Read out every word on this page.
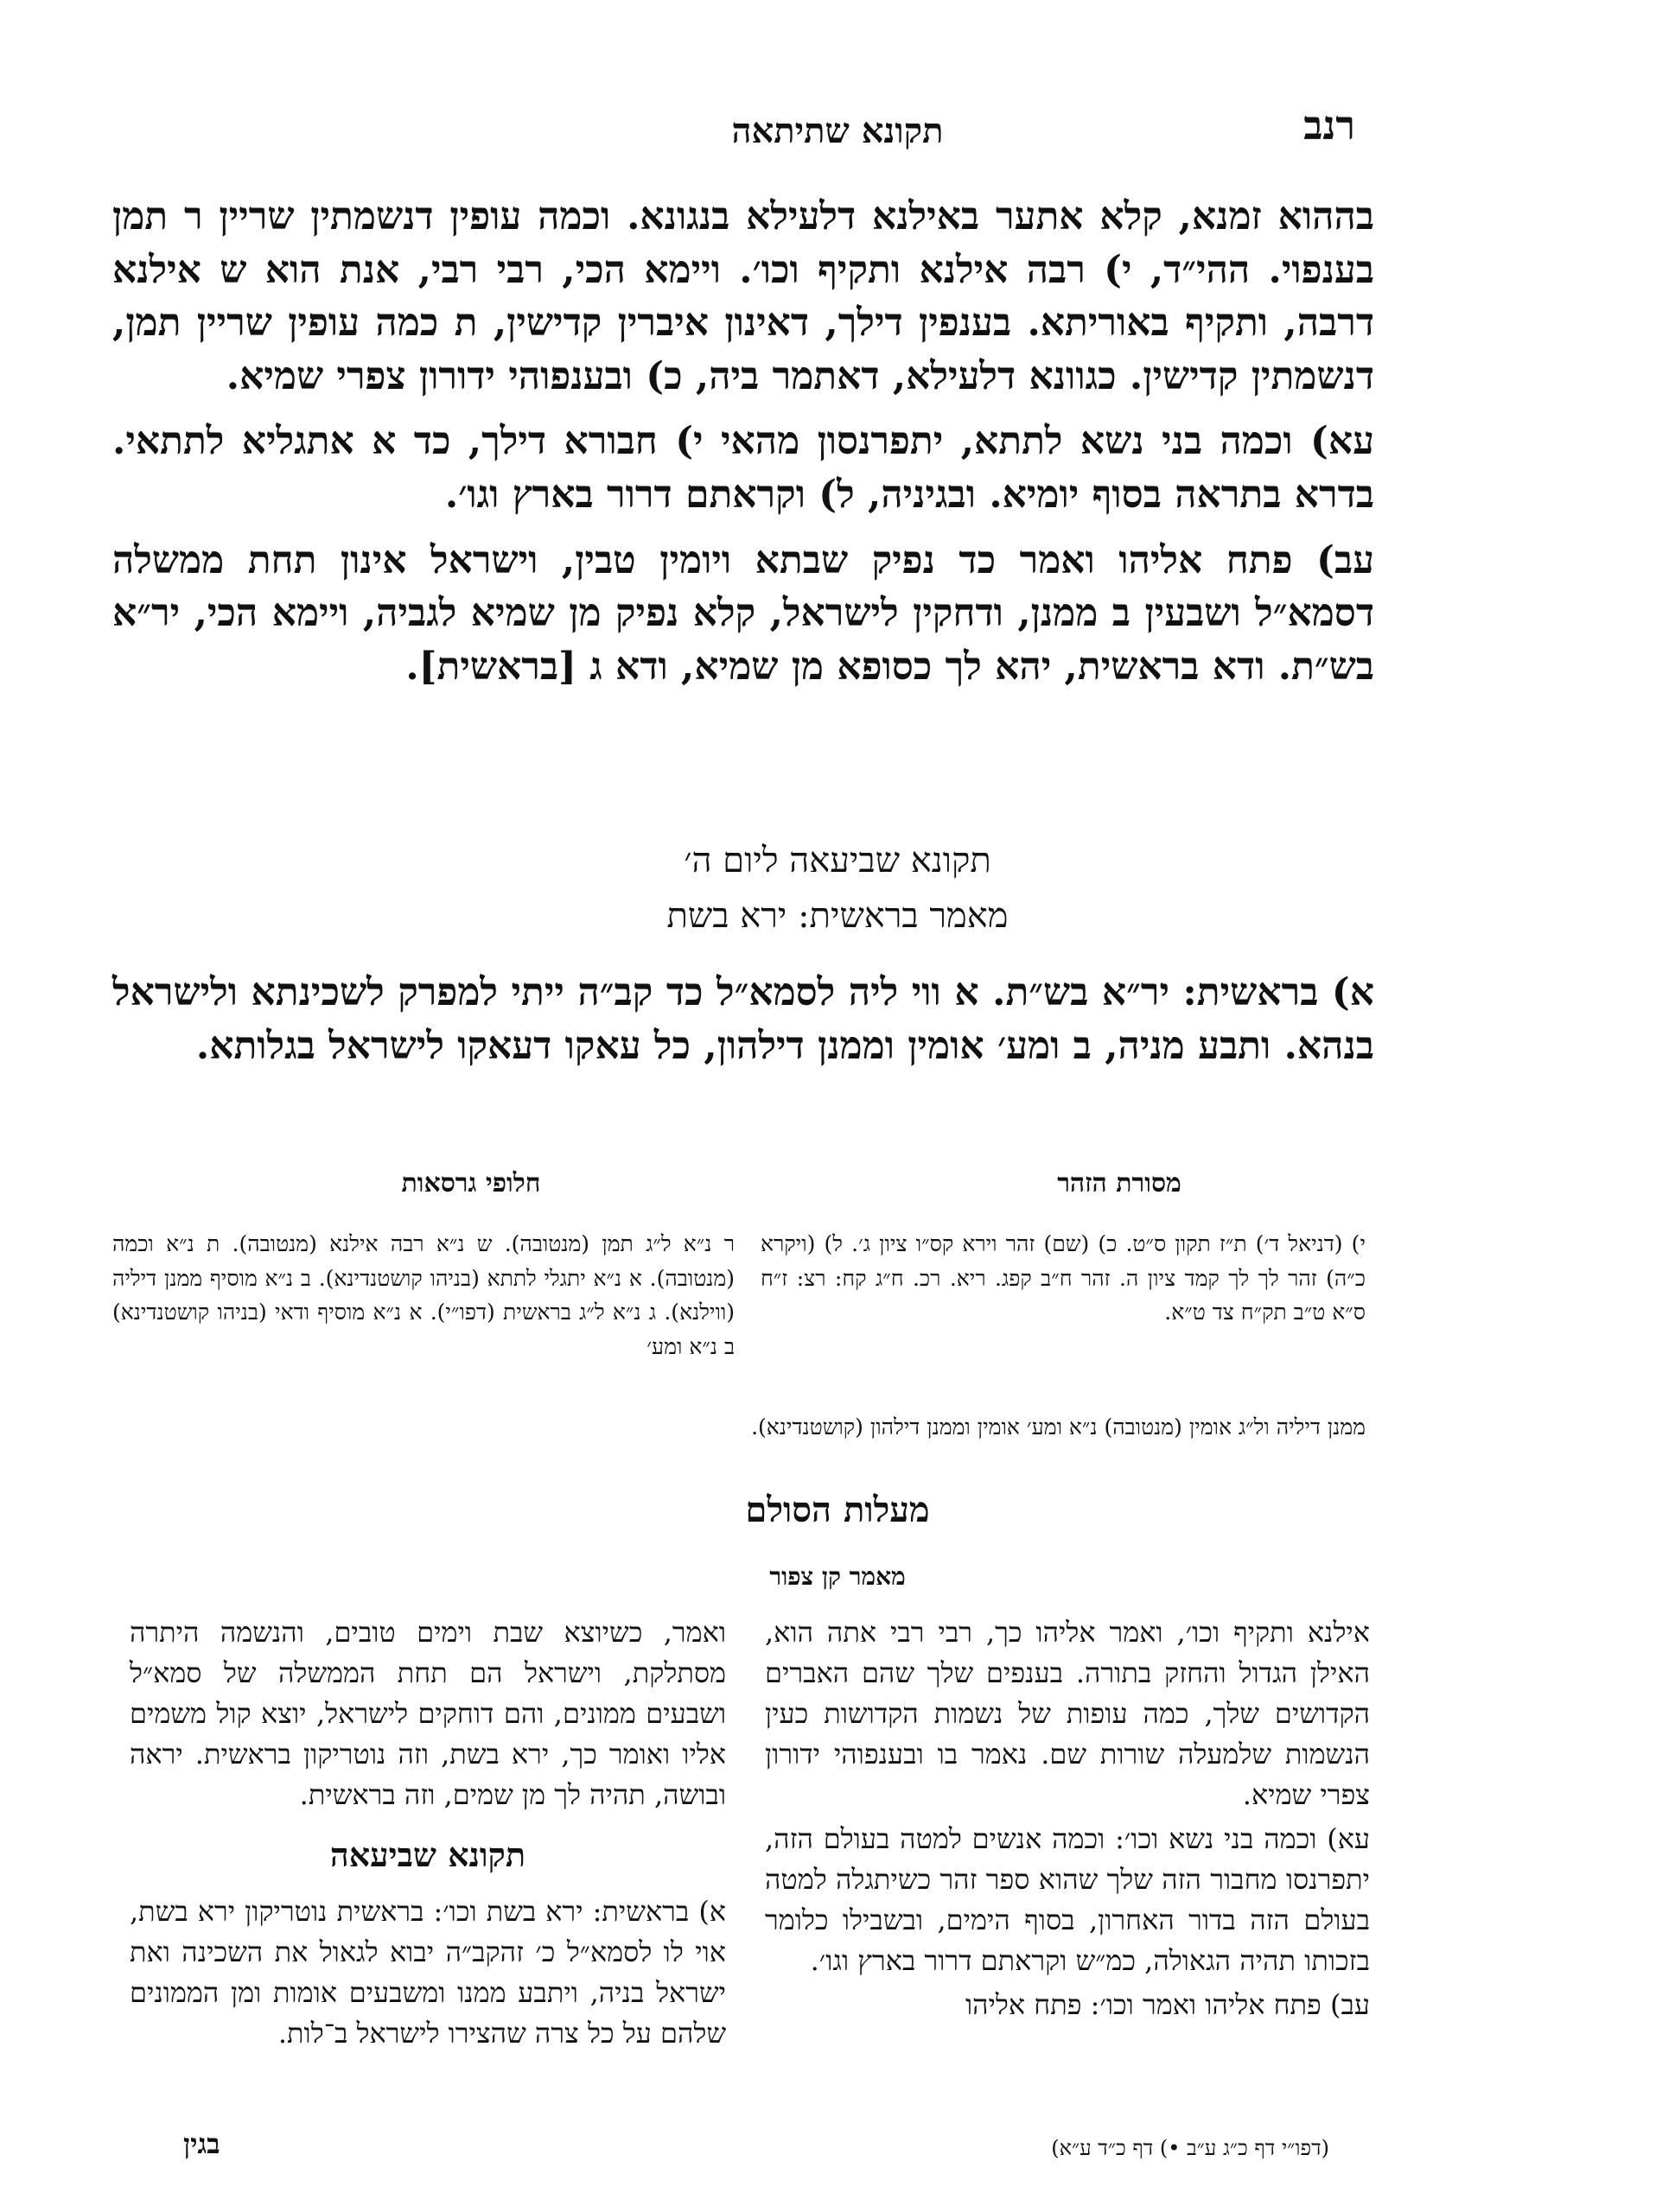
רנב
תקונא שתיתאה

בההוא זמנא, קלא אתער באילנא דלעילא בנגונא. וכמה עופין דנשמתין שריין ר תמן בענפוי. ההי״ד, י) רבה אילנא ותקיף וכו׳. ויימא הכי, רבי רבי, אנת הוא ש אילנא דרבה, ותקיף באוריתא. בענפין דילך, דאינון איברין קדישין, ת כמה עופין שריין תמן, דנשמתין קדישין. כגוונא דלעילא, דאתמר ביה, כ) ובענפוהי ידורון צפרי שמיא.

עא) וכמה בני נשא לתתא, יתפרנסון מהאי י) חבורא דילך, כד א אתגליא לתתאי. בדרא בתראה בסוף יומיא. ובגיניה, ל) וקראתם דרור בארץ וגו׳.

עב) פתח אליהו ואמר כד נפיק שבתא ויומין טבין, וישראל אינון תחת ממשלה דסמא״ל ושבעין ב ממנן, ודחקין לישראל, קלא נפיק מן שמיא לגביה, ויימא הכי, יר״א בש״ת. ודא בראשית, יהא לך כסופא מן שמיא, ודא ג [בראשית].

תקונא שביעאה ליום ה׳
מאמר בראשית: ירא בשת

א) בראשית: יר״א בש״ת. א ווי ליה לסמא״ל כד קב״ה ייתי למפרק לשכינתא ולישראל בנהא. ותבע מניה, ב ומע׳ אומין וממנן דילהון, כל עאקו דעאקו לישראל בגלותא.

מסורת הזהר
חלופי גרסאות
י) (דניאל ד׳) ת״ז תקון ס״ט. כ) (שם) זהר וירא קס״ו ציון ג׳. ל) (ויקרא כ״ה) זהר לך לך קמד ציון ה. זהר ח״ב קפג. ריא. רכ. ח״ג קח: רצ: ז״ח ס״א ט״ב תק״ח צד ט״א.
ר נ״א ל״ג תמן (מנטובה). ש נ״א רבה אילנא (מנטובה). ת נ״א וכמה (מנטובה). א נ״א יתגלי לתתא (בניהו קושטנדינא). ב נ״א מוסיף ממנן דיליה (ווילנא). ג נ״א ל״ג בראשית (דפו״י). א נ״א מוסיף ודאי (בניהו קושטנדינא) ב נ״א ומע׳
ממנן דיליה ול״ג אומין (מנטובה) נ״א ומע׳ אומין וממנן דילהון (קושטנדינא).
מעלות הסולם
מאמר קן צפור

אילנא ותקיף וכו׳, ואמר אליהו כך, רבי רבי אתה הוא, האילן הגדול והחזק בתורה. בענפים שלך שהם האברים הקדושים שלך, כמה עופות של נשמות הקדושות כעין הנשמות שלמעלה שורות שם. נאמר בו ובענפוהי ידורון צפרי שמיא.

עא) וכמה בני נשא וכו׳: וכמה אנשים למטה בעולם הזה, יתפרנסו מחבור הזה שלך שהוא ספר זהר כשיתגלה למטה בעולם הזה בדור האחרון, בסוף הימים, ובשבילו כלומר בזכותו תהיה הגאולה, כמ״ש וקראתם דרור בארץ וגו׳.

עב) פתח אליהו ואמר וכו׳: פתח אליהו

(דפו״י דף כ״ג ע״ב •) דף כ״ד ע״א)

ואמר, כשיוצא שבת וימים טובים, והנשמה היתרה מסתלקת, וישראל הם תחת הממשלה של סמא״ל ושבעים ממונים, והם דוחקים לישראל, יוצא קול משמים אליו ואומר כך, ירא בשת, וזה נוטריקון בראשית. יראה ובושה, תהיה לך מן שמים, וזה בראשית.

תקונא שביעאה

א) בראשית: ירא בשת וכו׳: בראשית נוטריקון ירא בשת, אוי לו לסמא״ל כ׳ זהקב״ה יבוא לגאול את השכינה ואת ישראל בניה, ויתבע ממנו ומשבעים אומות ומן הממונים שלהם על כל צרה שהצירו לישראל ב־לות.

בגין
